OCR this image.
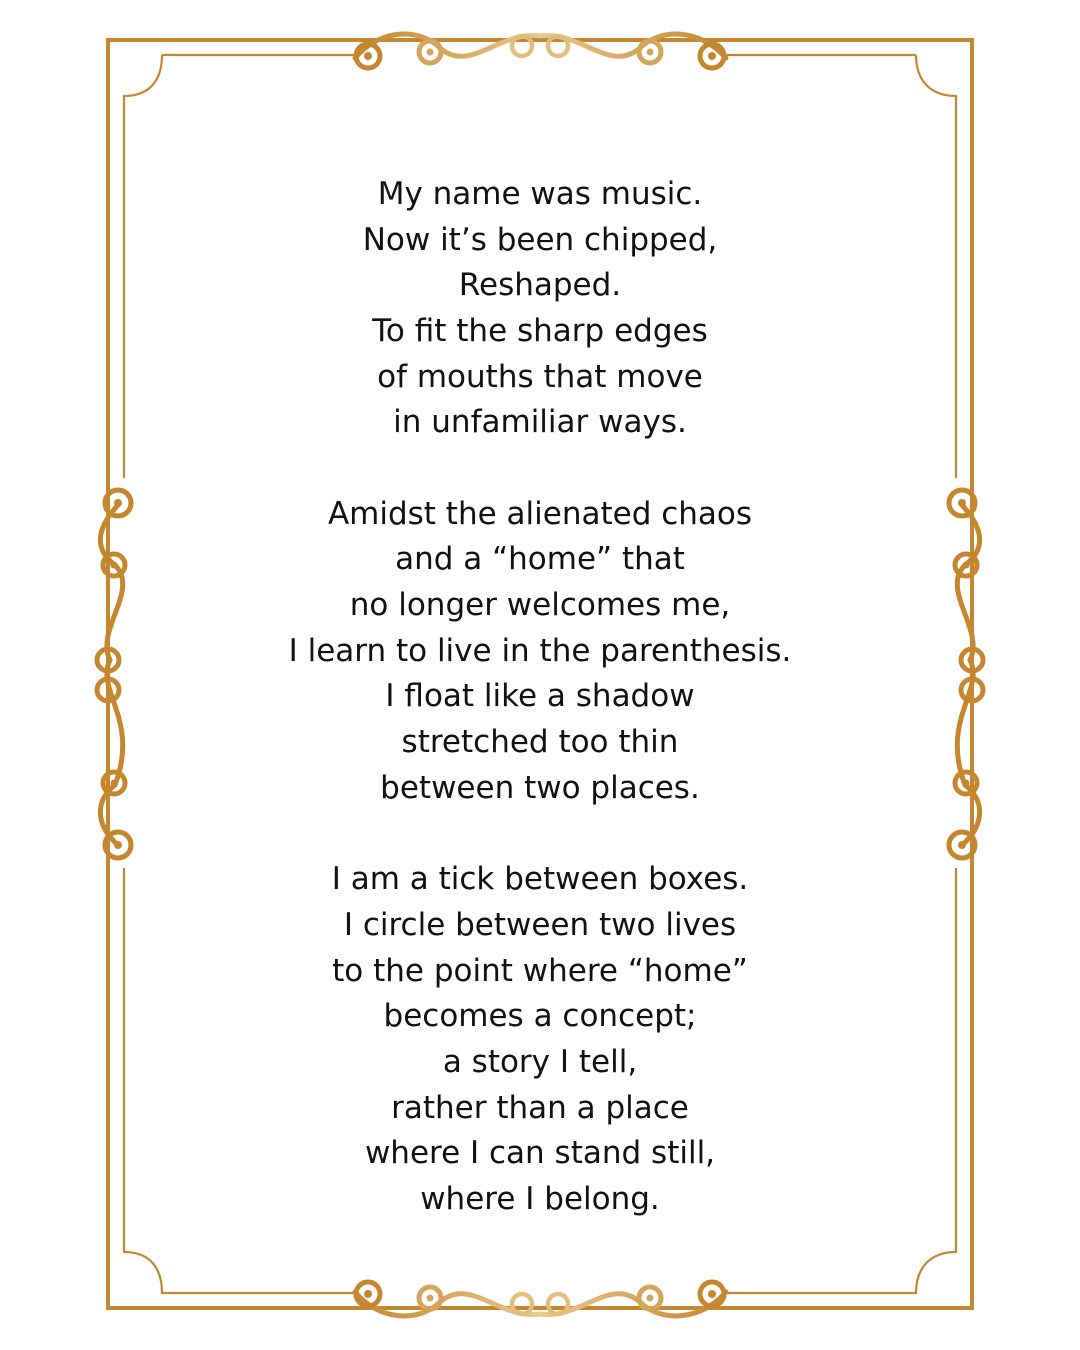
My name was music.
Now it’s been chipped,
Reshaped.
To fit the sharp edges
of mouths that move
in unfamiliar ways.
Amidst the alienated chaos
and a “home” that
no longer welcomes me,
I learn to live in the parenthesis.
I float like a shadow
stretched too thin
between two places.
I am a tick between boxes.
I circle between two lives
to the point where “home”
becomes a concept;
a story I tell,
rather than a place
where I can stand still,
where I belong.
